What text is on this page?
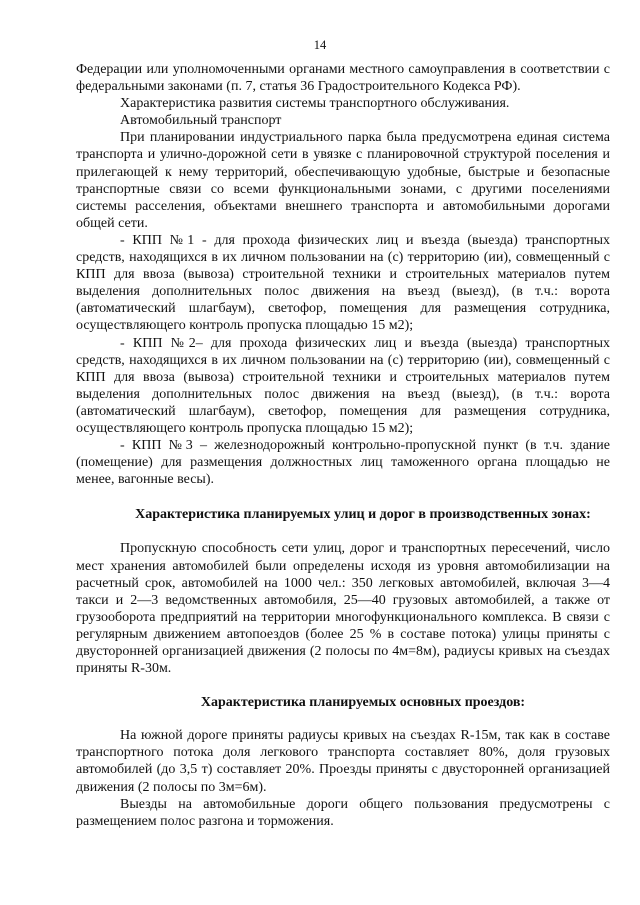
14

Федерации или уполномоченными органами местного самоуправления в соответствии с федеральными законами (п. 7, статья 36 Градостроительного Кодекса РФ).

Характеристика развития системы транспортного обслуживания.

Автомобильный транспорт

При планировании индустриального парка была предусмотрена единая система транспорта и улично-дорожной сети в увязке с планировочной структурой поселения и прилегающей к нему территорий, обеспечивающую удобные, быстрые и безопасные транспортные связи со всеми функциональными зонами, с другими поселениями системы расселения, объектами внешнего транспорта и автомобильными дорогами общей сети.

- КПП №1 - для прохода физических лиц и въезда (выезда) транспортных средств, находящихся в их личном пользовании на (с) территорию (ии), совмещенный с КПП для ввоза (вывоза) строительной техники и строительных материалов путем выделения дополнительных полос движения на въезд (выезд), (в т.ч.: ворота (автоматический шлагбаум), светофор, помещения для размещения сотрудника, осуществляющего контроль пропуска площадью 15 м2);

- КПП №2– для прохода физических лиц и въезда (выезда) транспортных средств, находящихся в их личном пользовании на (с) территорию (ии), совмещенный с КПП для ввоза (вывоза) строительной техники и строительных материалов путем выделения дополнительных полос движения на въезд (выезд), (в т.ч.: ворота (автоматический шлагбаум), светофор, помещения для размещения сотрудника, осуществляющего контроль пропуска площадью 15 м2);

- КПП №3 – железнодорожный контрольно-пропускной пункт (в т.ч. здание (помещение) для размещения должностных лиц таможенного органа площадью не менее, вагонные весы).

Характеристика планируемых улиц и дорог в производственных зонах:

Пропускную способность сети улиц, дорог и транспортных пересечений, число мест хранения автомобилей были определены исходя из уровня автомобилизации на расчетный срок, автомобилей на 1000 чел.: 350 легковых автомобилей, включая 3—4 такси и 2—3 ведомственных автомобиля, 25—40 грузовых автомобилей, а также от грузооборота предприятий на территории многофункционального комплекса. В связи с регулярным движением автопоездов (более 25 % в составе потока) улицы приняты с двусторонней организацией движения (2 полосы по 4м=8м), радиусы кривых на съездах приняты R-30м.

Характеристика планируемых основных проездов:

На южной дороге приняты радиусы кривых на съездах R-15м, так как в составе транспортного потока доля легкового транспорта составляет 80%, доля грузовых автомобилей (до 3,5 т) составляет 20%. Проезды приняты с двусторонней организацией движения (2 полосы по 3м=6м).

Выезды на автомобильные дороги общего пользования предусмотрены с размещением полос разгона и торможения.
